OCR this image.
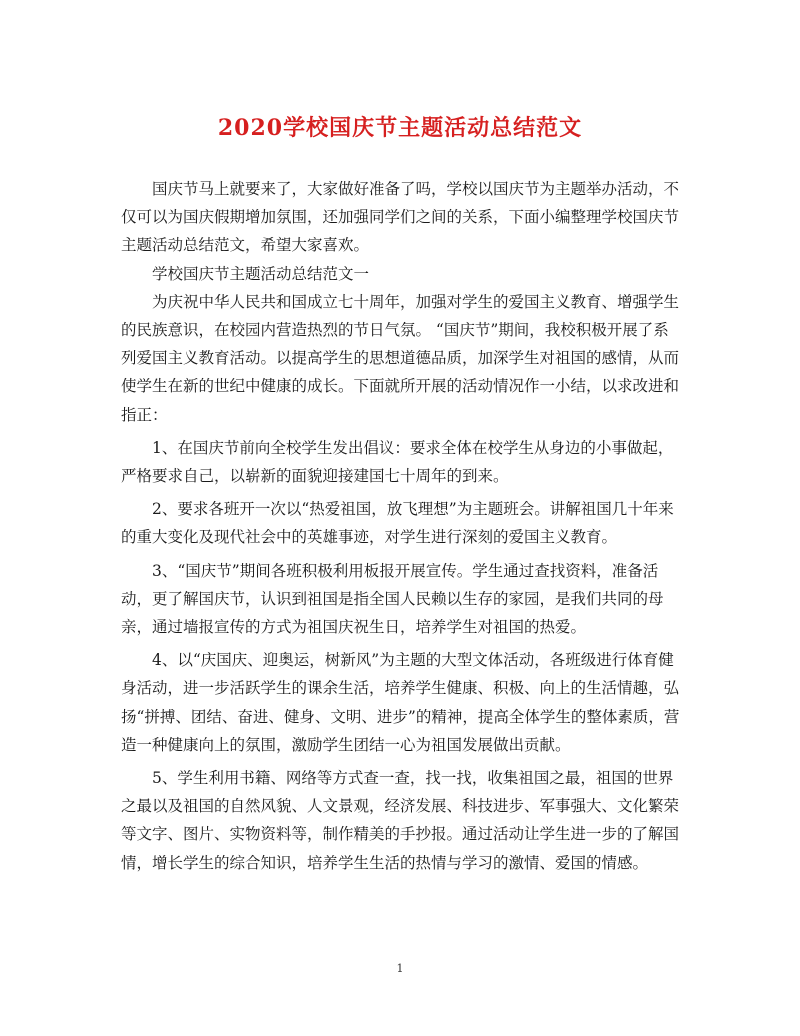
2020学校国庆节主题活动总结范文

国庆节马上就要来了，大家做好准备了吗，学校以国庆节为主题举办活动，不仅可以为国庆假期增加氛围，还加强同学们之间的关系，下面小编整理学校国庆节主题活动总结范文，希望大家喜欢。

学校国庆节主题活动总结范文一

为庆祝中华人民共和国成立七十周年，加强对学生的爱国主义教育、增强学生的民族意识，在校园内营造热烈的节日气氛。 “国庆节”期间，我校积极开展了系列爱国主义教育活动。以提高学生的思想道德品质，加深学生对祖国的感情，从而使学生在新的世纪中健康的成长。下面就所开展的活动情况作一小结，以求改进和指正：

1、在国庆节前向全校学生发出倡议：要求全体在校学生从身边的小事做起，严格要求自己，以崭新的面貌迎接建国七十周年的到来。

2、要求各班开一次以“热爱祖国，放飞理想”为主题班会。讲解祖国几十年来的重大变化及现代社会中的英雄事迹，对学生进行深刻的爱国主义教育。

3、“国庆节”期间各班积极利用板报开展宣传。学生通过查找资料，准备活动，更了解国庆节，认识到祖国是指全国人民赖以生存的家园，是我们共同的母亲，通过墙报宣传的方式为祖国庆祝生日，培养学生对祖国的热爱。

4、以“庆国庆、迎奥运，树新风”为主题的大型文体活动，各班级进行体育健身活动，进一步活跃学生的课余生活，培养学生健康、积极、向上的生活情趣，弘扬“拼搏、团结、奋进、健身、文明、进步”的精神，提高全体学生的整体素质，营造一种健康向上的氛围，激励学生团结一心为祖国发展做出贡献。

5、学生利用书籍、网络等方式查一查，找一找，收集祖国之最，祖国的世界之最以及祖国的自然风貌、人文景观，经济发展、科技进步、军事强大、文化繁荣等文字、图片、实物资料等，制作精美的手抄报。通过活动让学生进一步的了解国情，增长学生的综合知识，培养学生生活的热情与学习的激情、爱国的情感。

1
